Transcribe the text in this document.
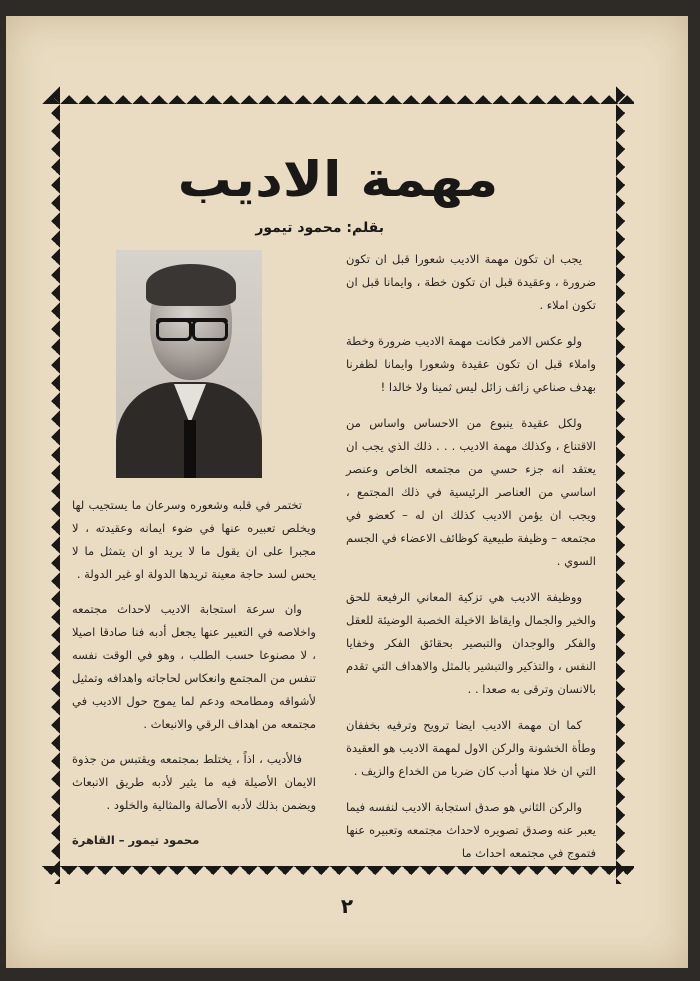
مهمة الاديب
بقلم: محمود تيمور

يجب ان تكون مهمة الاديب شعورا قبل ان تكون ضرورة ، وعقيدة قبل ان تكون خطة ، وايمانا قبل ان تكون املاء .

ولو عكس الامر فكانت مهمة الاديب ضرورة وخطة واملاء قبل ان تكون عقيدة وشعورا وايمانا لظفرنا بهدف صناعي زائف زائل ليس ثمينا ولا خالدا !

ولكل عقيدة ينبوع من الاحساس واساس من الاقتناع ، وكذلك مهمة الاديب . . . ذلك الذي يجب ان يعتقد انه جزء حسي من مجتمعه الخاص وعنصر اساسي من العناصر الرئيسية في ذلك المجتمع ، ويجب ان يؤمن الاديب كذلك ان له – كعضو في مجتمعه – وظيفة طبيعية كوظائف الاعضاء في الجسم السوي .

ووظيفة الاديب هي تزكية المعاني الرفيعة للحق والخير والجمال وايقاظ الاخيلة الخصبة الوضيئة للعقل والفكر والوجدان والتبصير بحقائق الفكر وخفايا النفس ، والتذكير والتبشير بالمثل والاهداف التي تقدم بالانسان وترقى به صعدا . .

كما ان مهمة الاديب ايضا ترويح وترفيه بخففان وطأة الخشونة والركن الاول لمهمة الاديب هو العقيدة التي ان خلا منها أدب كان ضربا من الخداع والزيف .

والركن الثاني هو صدق استجابة الاديب لنفسه فيما يعبر عنه وصدق تصويره لاحداث مجتمعه وتعبيره عنها فتموج في مجتمعه احداث ما

تختمر في قلبه وشعوره وسرعان ما يستجيب لها ويخلص تعبيره عنها في ضوء ايمانه وعقيدته ، لا مجبرا على ان يقول ما لا يريد او ان يتمثل ما لا يحس لسد حاجة معينة تريدها الدولة او غير الدولة .

وان سرعة استجابة الاديب لاحداث مجتمعه واخلاصه في التعبير عنها يجعل أدبه فنا صادقا اصيلا ، لا مصنوعا حسب الطلب ، وهو في الوقت نفسه تنفس من المجتمع وانعكاس لحاجاته واهدافه وتمثيل لأشواقه ومطامحه ودعم لما يموج حول الاديب في مجتمعه من اهداف الرقي والانبعاث .

فالأديب ، اذاً ، يختلط بمجتمعه ويقتبس من جذوة الايمان الأصيلة فيه ما يثير لأدبه طريق الانبعاث ويضمن بذلك لأدبه الأصالة والمثالية والخلود .

محمود تيمور – القاهرة
٢
